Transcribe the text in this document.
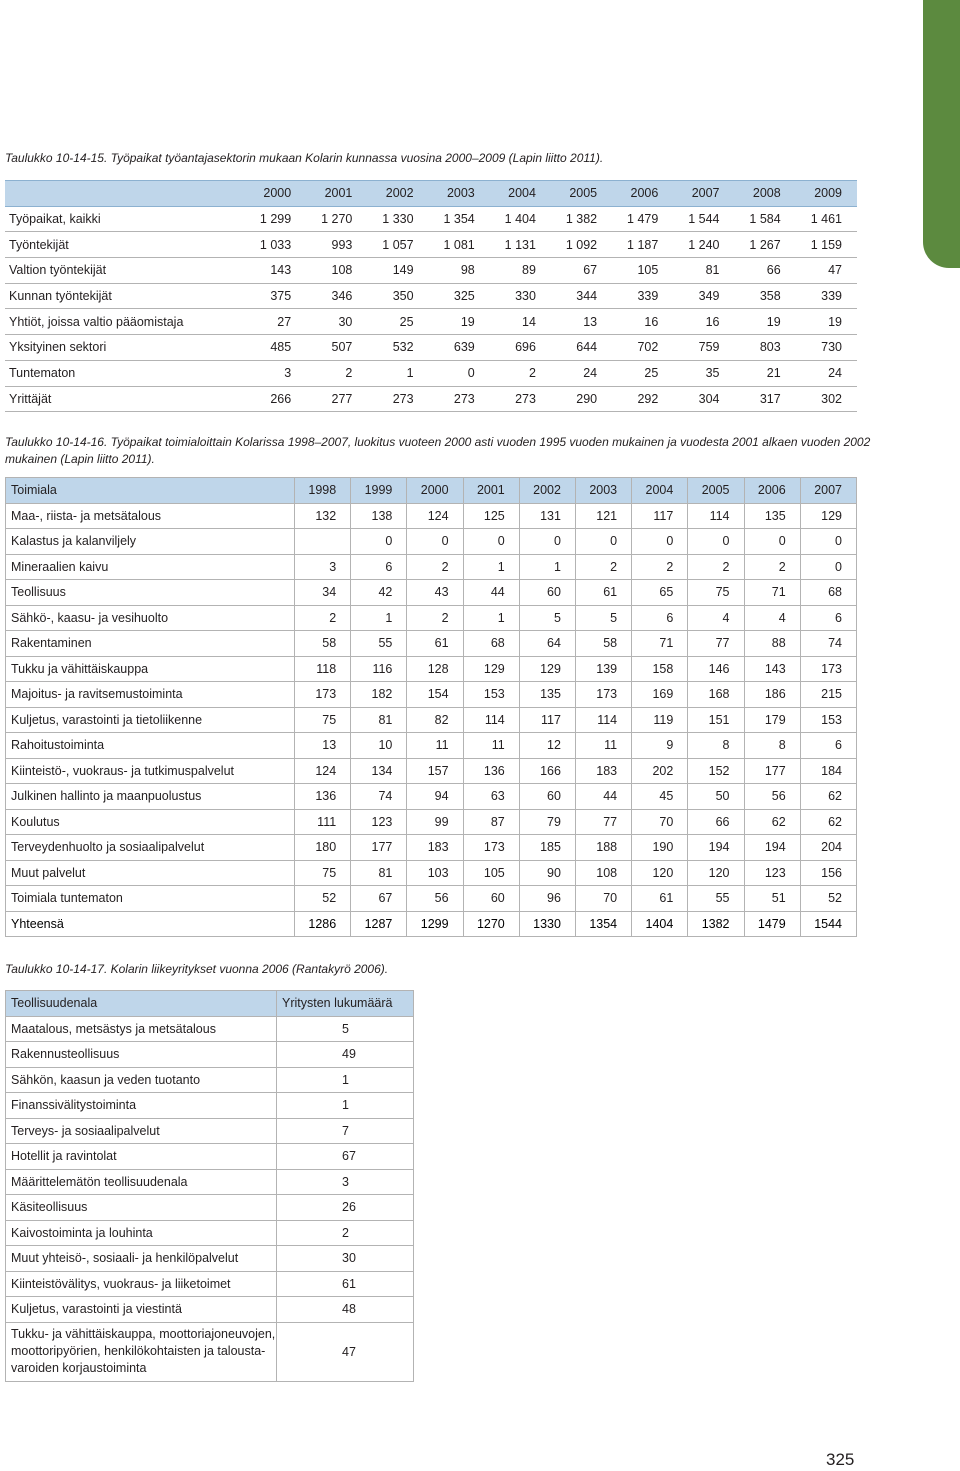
Taulukko 10-14-15. Työpaikat työantajasektorin mukaan Kolarin kunnassa vuosina 2000–2009 (Lapin liitto 2011).
	2000	2001	2002	2003	2004	2005	2006	2007	2008	2009
Työpaikat, kaikki	1 299	1 270	1 330	1 354	1 404	1 382	1 479	1 544	1 584	1 461
Työntekijät	1 033	993	1 057	1 081	1 131	1 092	1 187	1 240	1 267	1 159
Valtion työntekijät	143	108	149	98	89	67	105	81	66	47
Kunnan työntekijät	375	346	350	325	330	344	339	349	358	339
Yhtiöt, joissa valtio pääomistaja	27	30	25	19	14	13	16	16	19	19
Yksityinen sektori	485	507	532	639	696	644	702	759	803	730
Tuntematon	3	2	1	0	2	24	25	35	21	24
Yrittäjät	266	277	273	273	273	290	292	304	317	302
Taulukko 10-14-16. Työpaikat toimialoittain Kolarissa 1998–2007, luokitus vuoteen 2000 asti vuoden 1995 vuoden mukainen ja vuodesta 2001 alkaen vuoden 2002
mukainen (Lapin liitto 2011).
Toimiala	1998	1999	2000	2001	2002	2003	2004	2005	2006	2007
Maa-, riista- ja metsätalous	132	138	124	125	131	121	117	114	135	129
Kalastus ja kalanviljely		0	0	0	0	0	0	0	0	0
Mineraalien kaivu	3	6	2	1	1	2	2	2	2	0
Teollisuus	34	42	43	44	60	61	65	75	71	68
Sähkö-, kaasu- ja vesihuolto	2	1	2	1	5	5	6	4	4	6
Rakentaminen	58	55	61	68	64	58	71	77	88	74
Tukku ja vähittäiskauppa	118	116	128	129	129	139	158	146	143	173
Majoitus- ja ravitsemustoiminta	173	182	154	153	135	173	169	168	186	215
Kuljetus, varastointi ja tietoliikenne	75	81	82	114	117	114	119	151	179	153
Rahoitustoiminta	13	10	11	11	12	11	9	8	8	6
Kiinteistö-, vuokraus- ja tutkimuspalvelut	124	134	157	136	166	183	202	152	177	184
Julkinen hallinto ja maanpuolustus	136	74	94	63	60	44	45	50	56	62
Koulutus	111	123	99	87	79	77	70	66	62	62
Terveydenhuolto ja sosiaalipalvelut	180	177	183	173	185	188	190	194	194	204
Muut palvelut	75	81	103	105	90	108	120	120	123	156
Toimiala tuntematon	52	67	56	60	96	70	61	55	51	52
Yhteensä	1286	1287	1299	1270	1330	1354	1404	1382	1479	1544
Taulukko 10-14-17. Kolarin liikeyritykset vuonna 2006 (Rantakyrö 2006).
Teollisuudenala	Yritysten lukumäärä
Maatalous, metsästys ja metsätalous	5
Rakennusteollisuus	49
Sähkön, kaasun ja veden tuotanto	1
Finanssivälitystoiminta	1
Terveys- ja sosiaalipalvelut	7
Hotellit ja ravintolat	67
Määrittelemätön teollisuudenala	3
Käsiteollisuus	26
Kaivostoiminta ja louhinta	2
Muut yhteisö-, sosiaali- ja henkilöpalvelut	30
Kiinteistövälitys, vuokraus- ja liiketoimet	61
Kuljetus, varastointi ja viestintä	48

Tukku- ja vähittäiskauppa, moottoriajoneuvojen,
moottoripyörien, henkilökohtaisten ja talousta-
varoiden korjaustoiminta	47
325
